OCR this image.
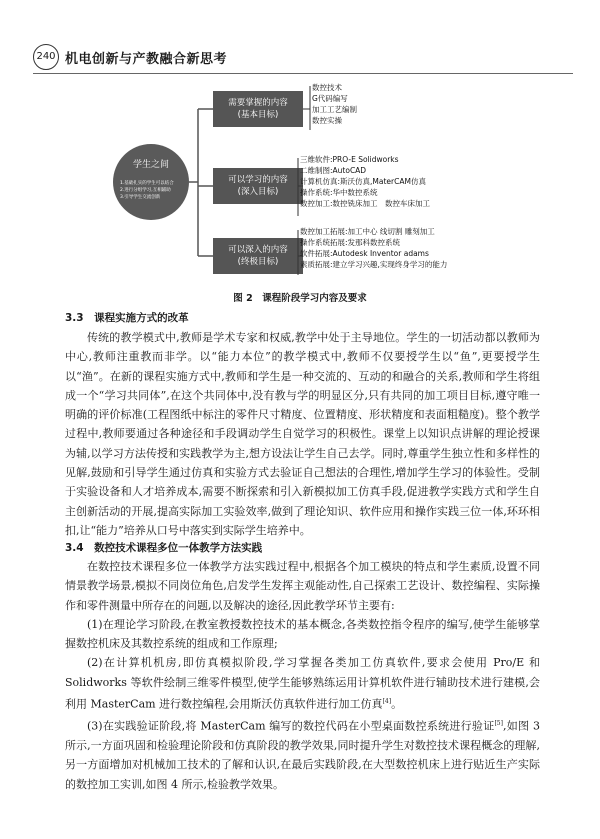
240 机电创新与产教融合新思考
学生之间
1.基础扎实的学生可以结合
2.进行分组学习,互相辅助
3.引导学生交流创新
需要掌握的内容
(基本目标)
可以学习的内容
(深入目标)
可以深入的内容
(终极目标)
数控技术
G代码编写
加工工艺编制
数控实操
三维软件:PRO-E Solidworks
二维制图:AutoCAD
计算机仿真:斯沃仿真,MaterCAM仿真
操作系统:华中数控系统
数控加工:数控铣床加工　数控车床加工
数控加工拓展:加工中心 线切割 雕刻加工
操作系统拓展:发那科数控系统
软件拓展:Autodesk Inventor adams
素质拓展:建立学习兴趣,实现终身学习的能力
图 2　课程阶段学习内容及要求
3.3　课程实施方式的改革

传统的教学模式中,教师是学术专家和权威,教学中处于主导地位。学生的一切活动都以教师为中心,教师注重教而非学。以“能力本位”的教学模式中,教师不仅要授学生以“鱼”,更要授学生以“渔”。在新的课程实施方式中,教师和学生是一种交流的、互动的和融合的关系,教师和学生将组成一个“学习共同体”,在这个共同体中,没有教与学的明显区分,只有共同的加工项目目标,遵守唯一明确的评价标准(工程图纸中标注的零件尺寸精度、位置精度、形状精度和表面粗糙度)。整个教学过程中,教师要通过各种途径和手段调动学生自觉学习的积极性。课堂上以知识点讲解的理论授课为辅,以学习方法传授和实践教学为主,想方设法让学生自己去学。同时,尊重学生独立性和多样性的见解,鼓励和引导学生通过仿真和实验方式去验证自己想法的合理性,增加学生学习的体验性。受制于实验设备和人才培养成本,需要不断探索和引入新模拟加工仿真手段,促进教学实践方式和学生自主创新活动的开展,提高实际加工实验效率,做到了理论知识、软件应用和操作实践三位一体,环环相扣,让“能力”培养从口号中落实到实际学生培养中。

3.4　数控技术课程多位一体教学方法实践

在数控技术课程多位一体教学方法实践过程中,根据各个加工模块的特点和学生素质,设置不同情景教学场景,模拟不同岗位角色,启发学生发挥主观能动性,自己探索工艺设计、数控编程、实际操作和零件测量中所存在的问题,以及解决的途径,因此教学环节主要有:

(1)在理论学习阶段,在教室教授数控技术的基本概念,各类数控指令程序的编写,使学生能够掌握数控机床及其数控系统的组成和工作原理;

(2)在计算机机房,即仿真模拟阶段,学习掌握各类加工仿真软件,要求会使用 Pro/E 和 Solidworks 等软件绘制三维零件模型,使学生能够熟练运用计算机软件进行辅助技术进行建模,会利用 MasterCam 进行数控编程,会用斯沃仿真软件进行加工仿真[4]。

(3)在实践验证阶段,将 MasterCam 编写的数控代码在小型桌面数控系统进行验证[5],如图 3 所示,一方面巩固和检验理论阶段和仿真阶段的教学效果,同时提升学生对数控技术课程概念的理解,另一方面增加对机械加工技术的了解和认识,在最后实践阶段,在大型数控机床上进行贴近生产实际的数控加工实训,如图 4 所示,检验教学效果。
